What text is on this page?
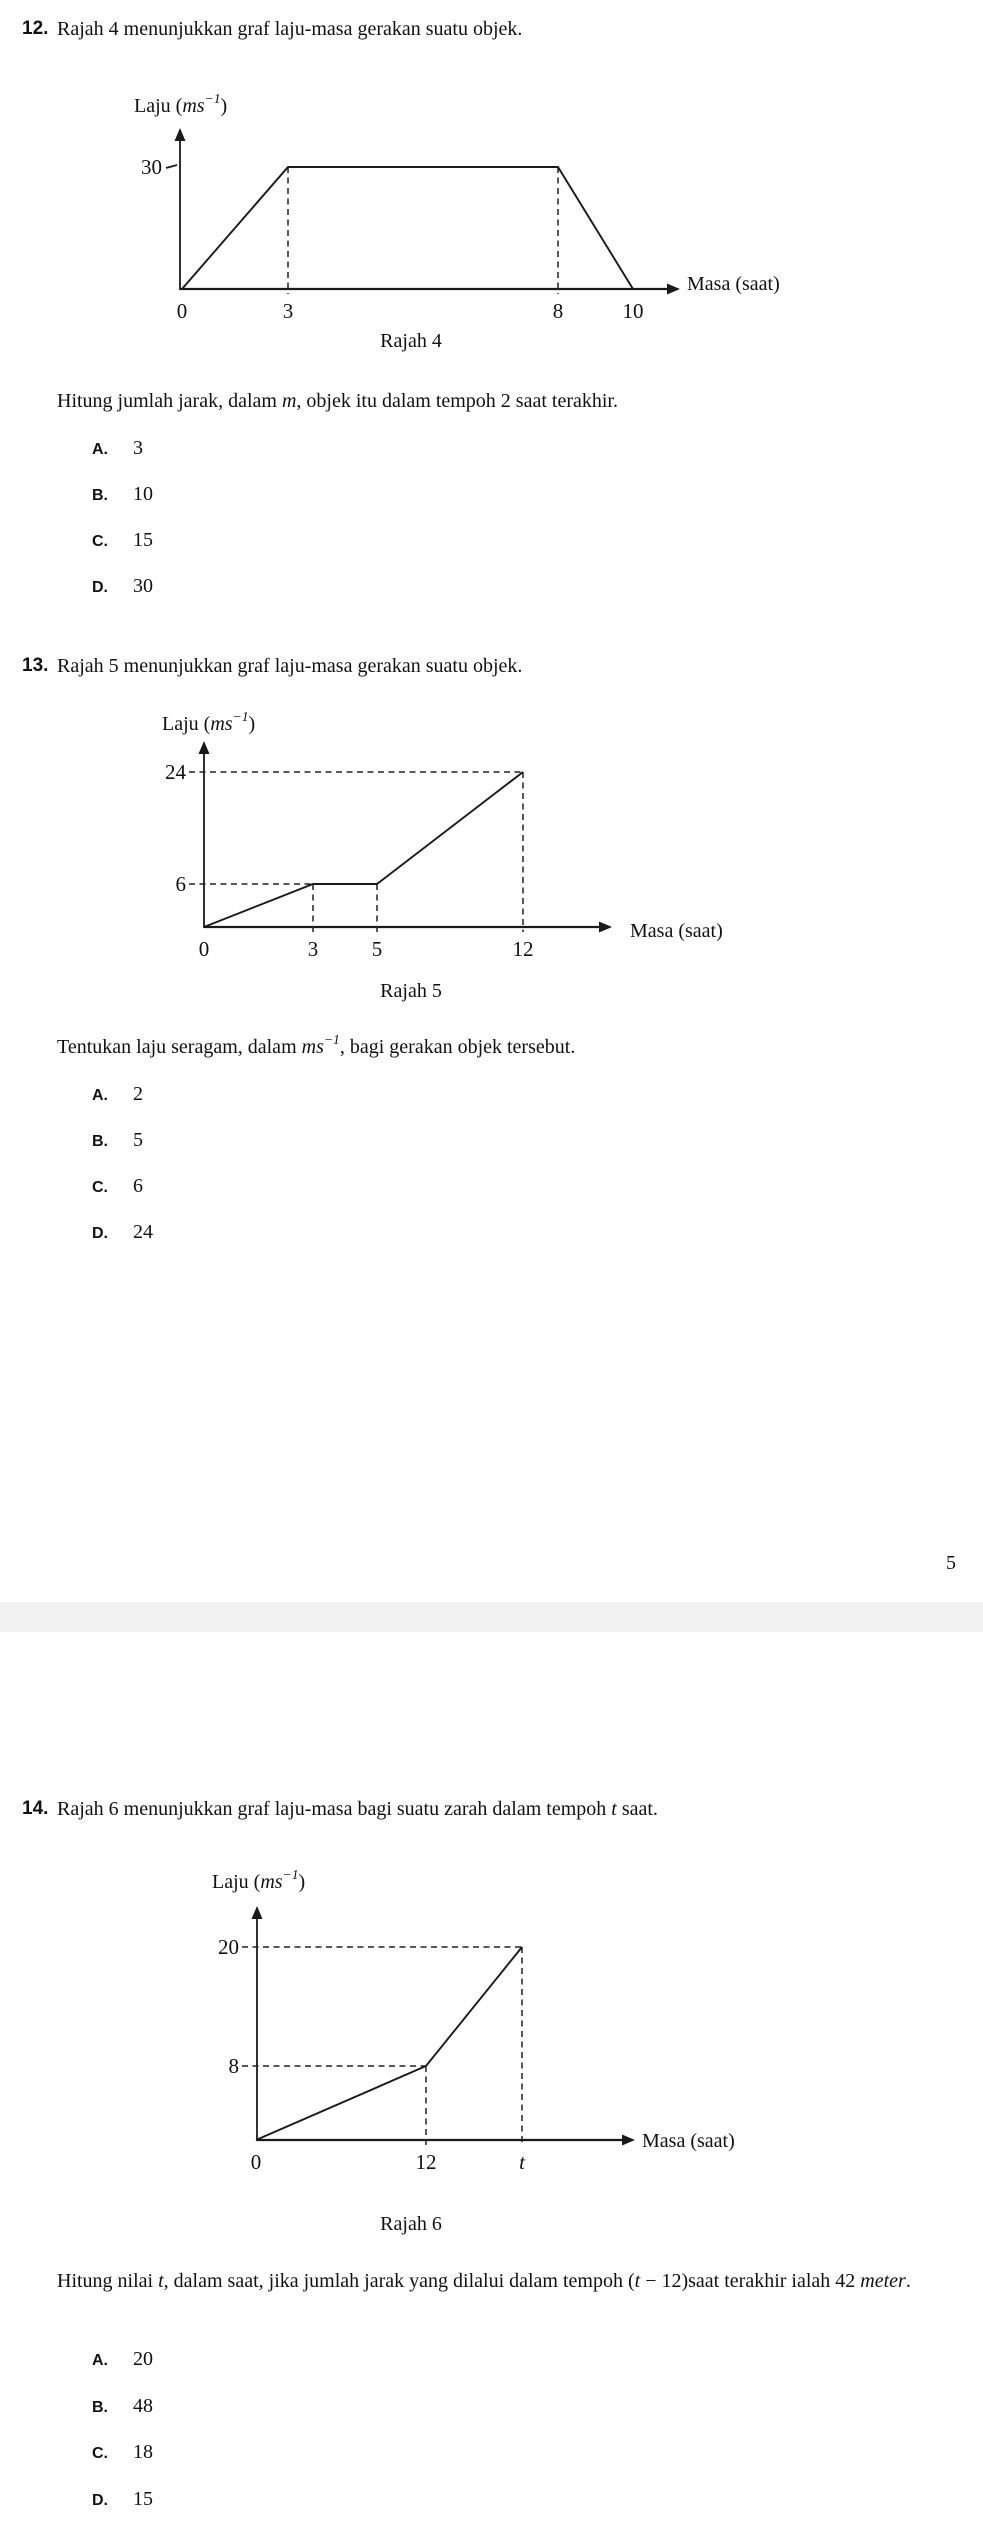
0	3	8	10
30
0	3	5	12
24
6
0	12	t
20
8
12. Rajah 4 menunjukkan graf laju-masa gerakan suatu objek.
Laju $(ms^{-1})$
Masa (saat)
Rajah 4
Hitung jumlah jarak, dalam m, objek itu dalam tempoh 2 saat terakhir.
A.	3
B.	10
C.	15
D.	30
13. Rajah 5 menunjukkan graf laju-masa gerakan suatu objek.
Laju $(ms^{-1})$
Masa (saat)
Rajah 5
Tentukan laju seragam, dalam $ms^{-1}$, bagi gerakan objek tersebut.
A.	2
B.	5
C.	6
D.	24
5
14. Rajah 6 menunjukkan graf laju-masa bagi suatu zarah dalam tempoh t saat.
Laju $(ms^{-1})$
Masa (saat)
Rajah 6
Hitung nilai t, dalam saat, jika jumlah jarak yang dilalui dalam tempoh (t − 12)saat terakhir ialah 42 meter.
A.	20
B.	48
C.	18
D.	15
